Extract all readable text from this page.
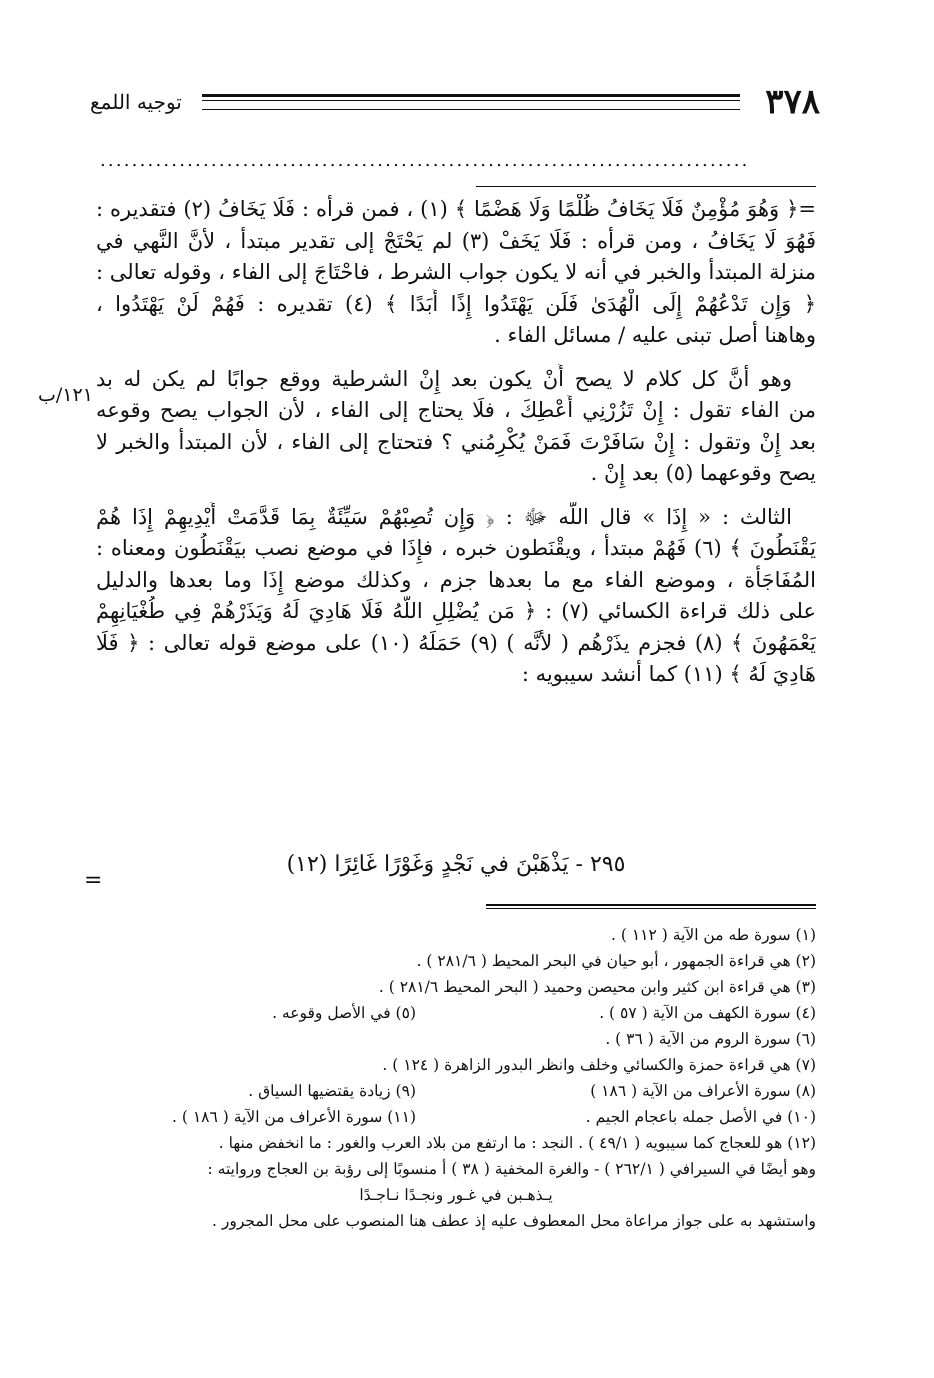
٣٧٨
توجيه اللمع
..................................................................................
١٢١/ب
=﴿ وَهُوَ مُؤْمِنٌ فَلَا يَخَافُ ظُلْمًا وَلَا هَضْمًا ﴾ (١) ، فمن قرأه : فَلَا يَخَافُ (٢) فتقديره :
فَهُوَ لَا يَخَافُ ، ومن قرأه : فَلَا يَخَفْ (٣) لم يَحْتَجْ إلى تقدير مبتدأ ، لأنَّ النَّهي في
منزلة المبتدأ والخبر في أنه لا يكون جواب الشرط ، فاحْتَاجَ إلى الفاء ، وقوله تعالى :
﴿ وَإِن تَدْعُهُمْ إِلَى الْهُدَىٰ فَلَن يَهْتَدُوا إِذًا أَبَدًا ﴾ (٤) تقديره : فَهُمْ لَنْ يَهْتَدُوا ،
وهاهنا أصل تبنى عليه / مسائل الفاء .
وهو أنَّ كل كلام لا يصح أَنْ يكون بعد إِنْ الشرطية ووقع جوابًا لم يكن له بد
من الفاء تقول : إِنْ تَزُرْنِي أُعْطِكَ ، فلَا يحتاج إلى الفاء ، لأن الجواب يصح وقوعه
بعد إِنْ وتقول : إِنْ سَافَرْتَ فَمَنْ يُكْرِمُني ؟ فتحتاج إلى الفاء ، لأن المبتدأ والخبر لا
يصح وقوعهما (٥) بعد إِنْ .
الثالث : « إِذَا » قال اللّه ﷻ : ﴿ وَإِن تُصِبْهُمْ سَيِّئَةٌ بِمَا قَدَّمَتْ أَيْدِيهِمْ إِذَا هُمْ
يَقْنَطُونَ ﴾ (٦) فَهُمْ مبتدأ ، ويقْنَطون خبره ، فإِذَا في موضع نصب بيَقْنَطُون ومعناه :
المُفَاجَأة ، وموضع الفاء مع ما بعدها جزم ، وكذلك موضع إِذَا وما بعدها والدليل
على ذلك قراءة الكسائي (٧) : ﴿ مَن يُضْلِلِ اللَّهُ فَلَا هَادِيَ لَهُ وَيَذَرْهُمْ فِي طُغْيَانِهِمْ
يَعْمَهُونَ ﴾ (٨) فجزم يذَرْهُم ( لأنَّه ) (٩) حَمَلَهُ (١٠) على موضع قوله تعالى : ﴿ فَلَا
هَادِيَ لَهُ ﴾ (١١) كما أنشد سيبويه :
٢٩٥ - يَذْهَبْنَ في نَجْدٍ وَغَوْرًا غَائِرًا (١٢)
=
(١) سورة طه من الآية ( ١١٢ ) .
(٢) هي قراءة الجمهور ، أبو حيان في البحر المحيط ( ٢٨١/٦ ) .
(٣) هي قراءة ابن كثير وابن محيصن وحميد ( البحر المحيط ٢٨١/٦ ) .
(٤) سورة الكهف من الآية ( ٥٧ ) .(٥) في الأصل وقوعه .
(٦) سورة الروم من الآية ( ٣٦ ) .
(٧) هي قراءة حمزة والكسائي وخلف وانظر البدور الزاهرة ( ١٢٤ ) .
(٨) سورة الأعراف من الآية ( ١٨٦ )(٩) زيادة يقتضيها السياق .
(١٠) في الأصل جمله باعجام الجيم .(١١) سورة الأعراف من الآية ( ١٨٦ ) .
(١٢) هو للعجاج كما سيبويه ( ٤٩/١ ) . النجد : ما ارتفع من بلاد العرب والغور : ما انخفض منها .
وهو أيضًا في السيرافي ( ٢٦٢/١ ) - والغرة المخفية ( ٣٨ ) أ منسوبًا إلى رؤبة بن العجاج وروايته :
يـذهـبن في غـور ونجـدًا نـاجـدًا
واستشهد به على جواز مراعاة محل المعطوف عليه إذ عطف هنا المنصوب على محل المجرور .
